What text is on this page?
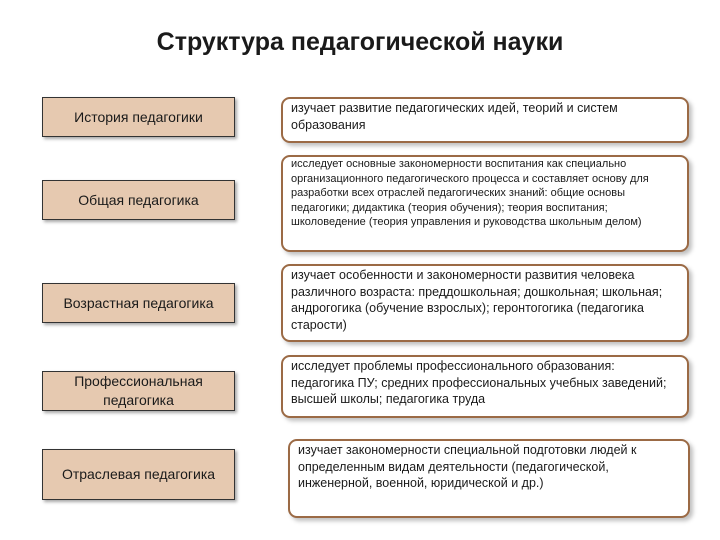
Структура педагогической науки
История педагогики
изучает развитие педагогических идей, теорий и систем образования
Общая педагогика
исследует основные закономерности воспитания как специально организационного педагогического процесса и составляет основу для разработки всех отраслей педагогических знаний: общие основы педагогики; дидактика (теория обучения); теория воспитания; школоведение (теория управления и руководства школьным делом)
Возрастная педагогика
изучает особенности и закономерности развития человека различного возраста: преддошкольная; дошкольная; школьная; андрогогика (обучение взрослых); геронтогогика (педагогика старости)
Профессиональная педагогика
исследует проблемы профессионального образования: педагогика ПУ; средних профессиональных учебных заведений; высшей школы; педагогика труда
Отраслевая педагогика
изучает закономерности специальной подготовки людей к определенным видам деятельности (педагогической, инженерной, военной, юридической и др.)
